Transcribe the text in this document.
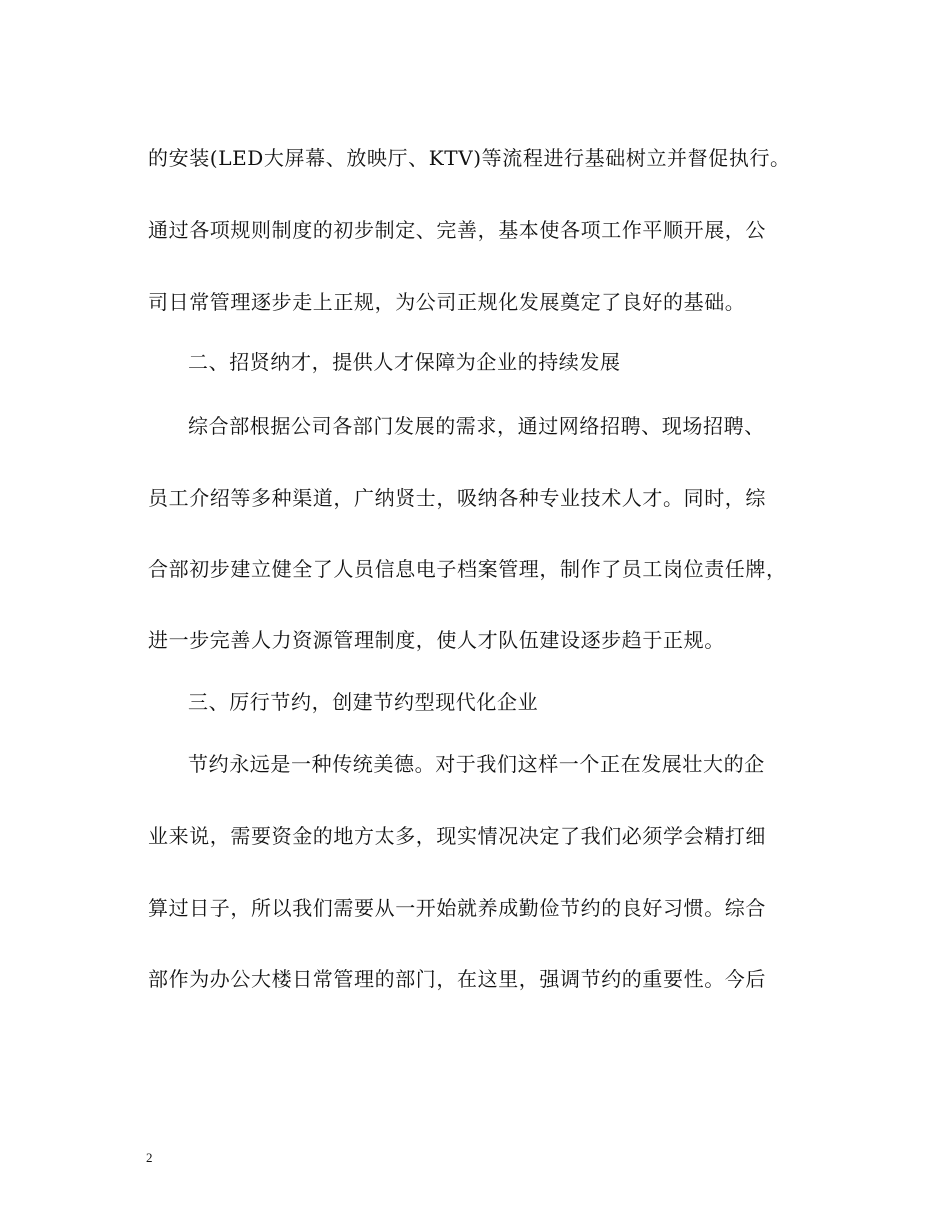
的安装(LED大屏幕、放映厅、KTV)等流程进行基础树立并督促执行。
通过各项规则制度的初步制定、完善，基本使各项工作平顺开展，公
司日常管理逐步走上正规，为公司正规化发展奠定了良好的基础。
二、招贤纳才，提供人才保障为企业的持续发展
综合部根据公司各部门发展的需求，通过网络招聘、现场招聘、
员工介绍等多种渠道，广纳贤士，吸纳各种专业技术人才。同时，综
合部初步建立健全了人员信息电子档案管理，制作了员工岗位责任牌，
进一步完善人力资源管理制度，使人才队伍建设逐步趋于正规。
三、厉行节约，创建节约型现代化企业
节约永远是一种传统美德。对于我们这样一个正在发展壮大的企
业来说，需要资金的地方太多，现实情况决定了我们必须学会精打细
算过日子，所以我们需要从一开始就养成勤俭节约的良好习惯。综合
部作为办公大楼日常管理的部门，在这里，强调节约的重要性。今后
2
